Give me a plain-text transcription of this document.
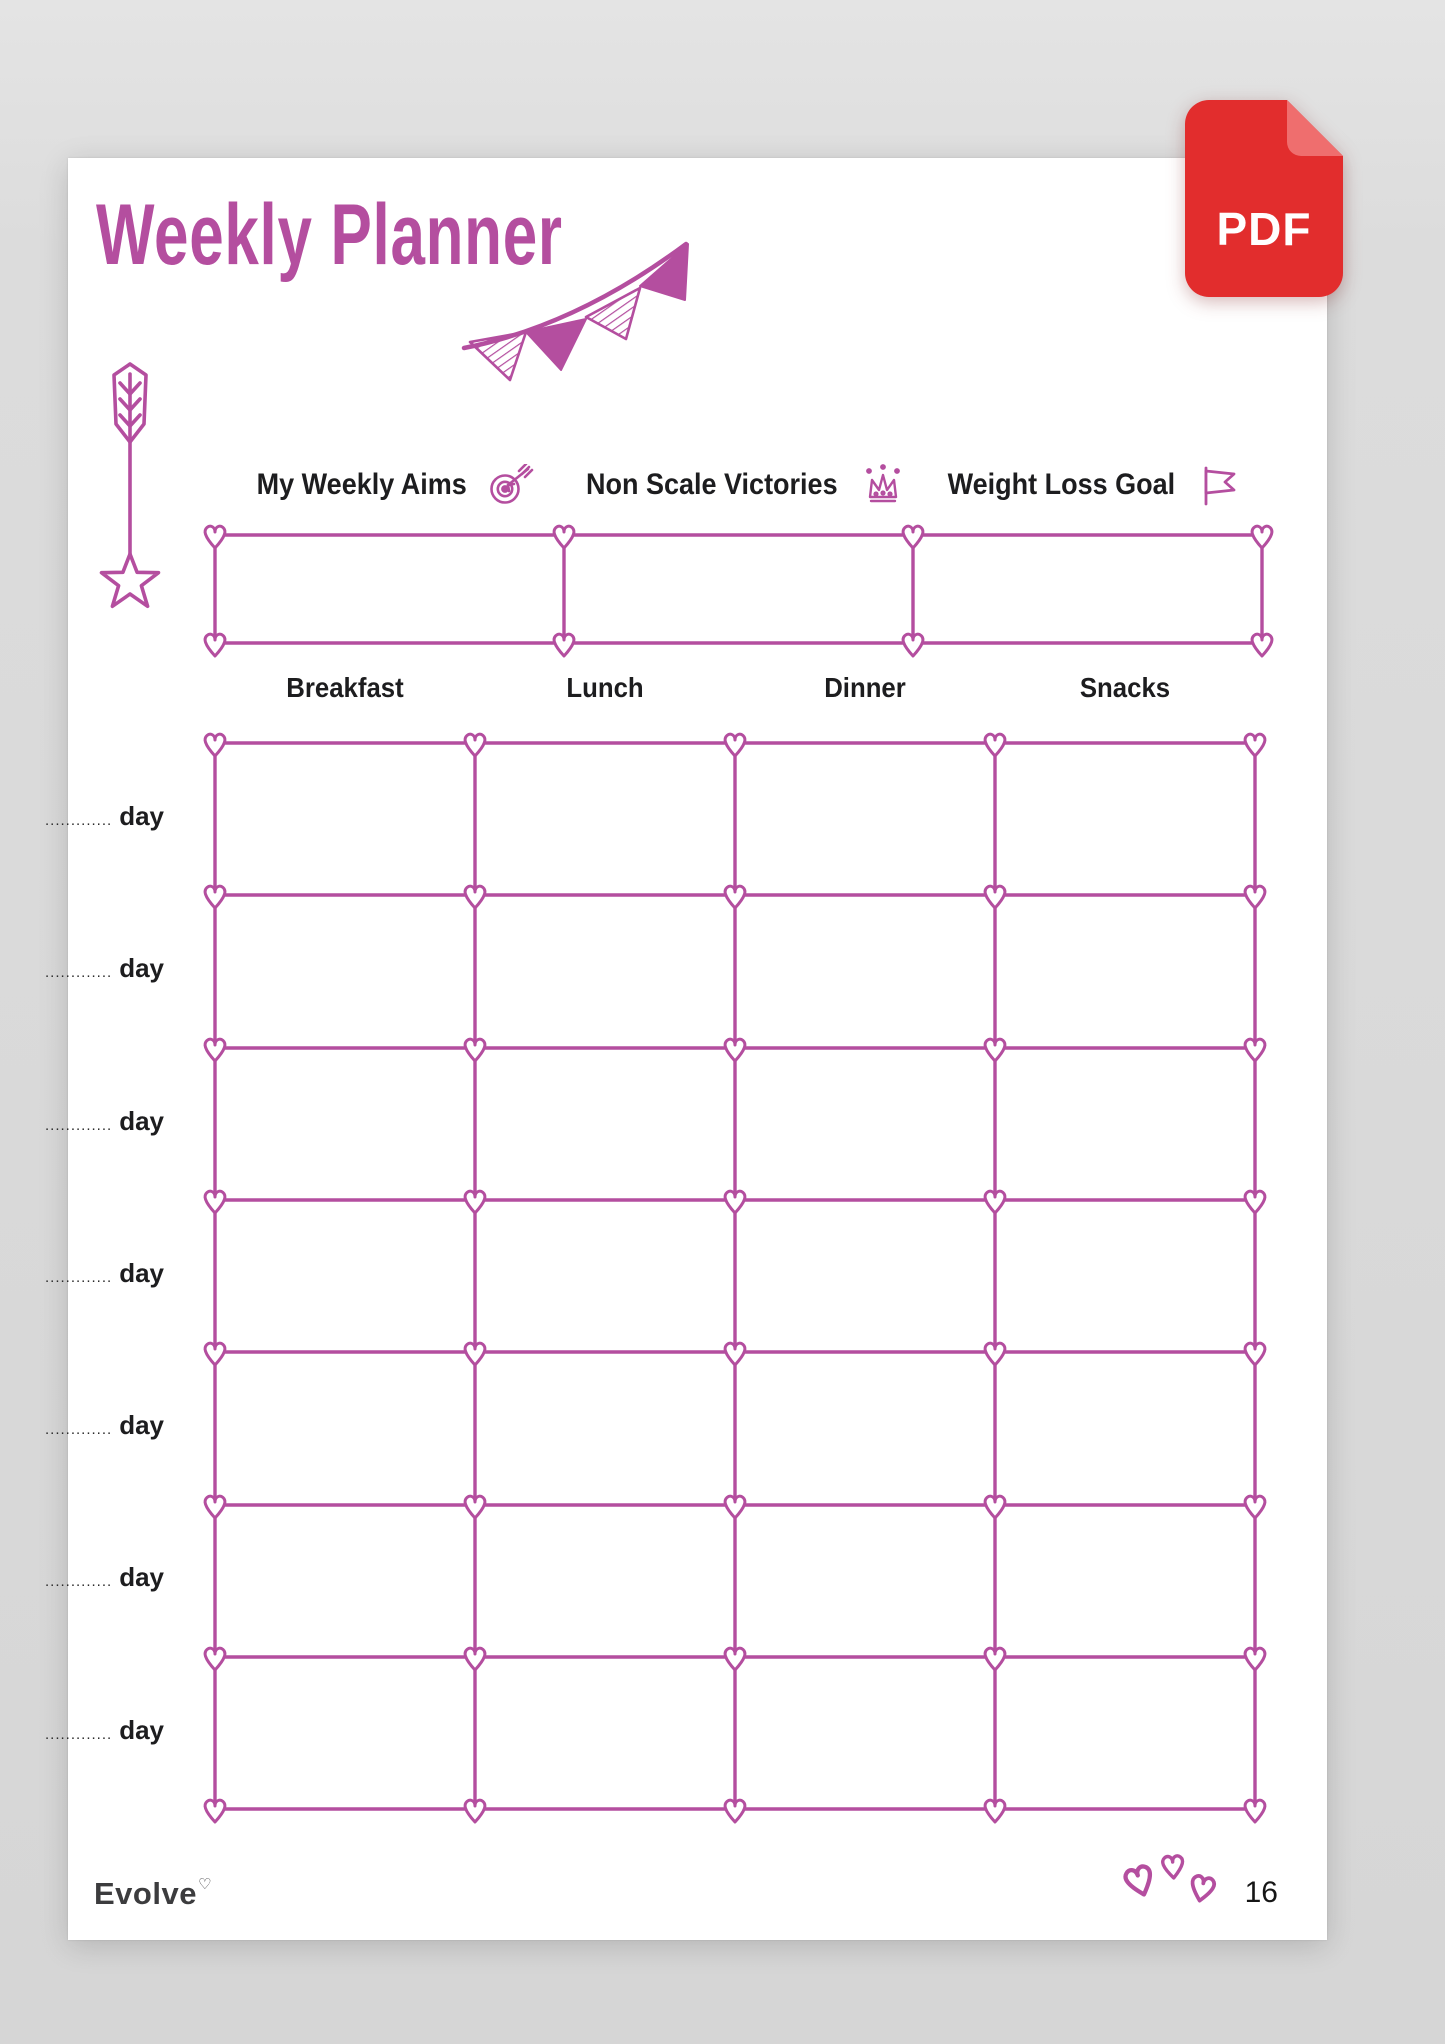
Weekly Planner
My Weekly Aims	Non Scale Victories	Weight Loss Goal
Breakfast	Lunch	Dinner	Snacks
............. day
............. day
............. day
............. day
............. day
............. day
............. day
Evolve♡	16
PDF
